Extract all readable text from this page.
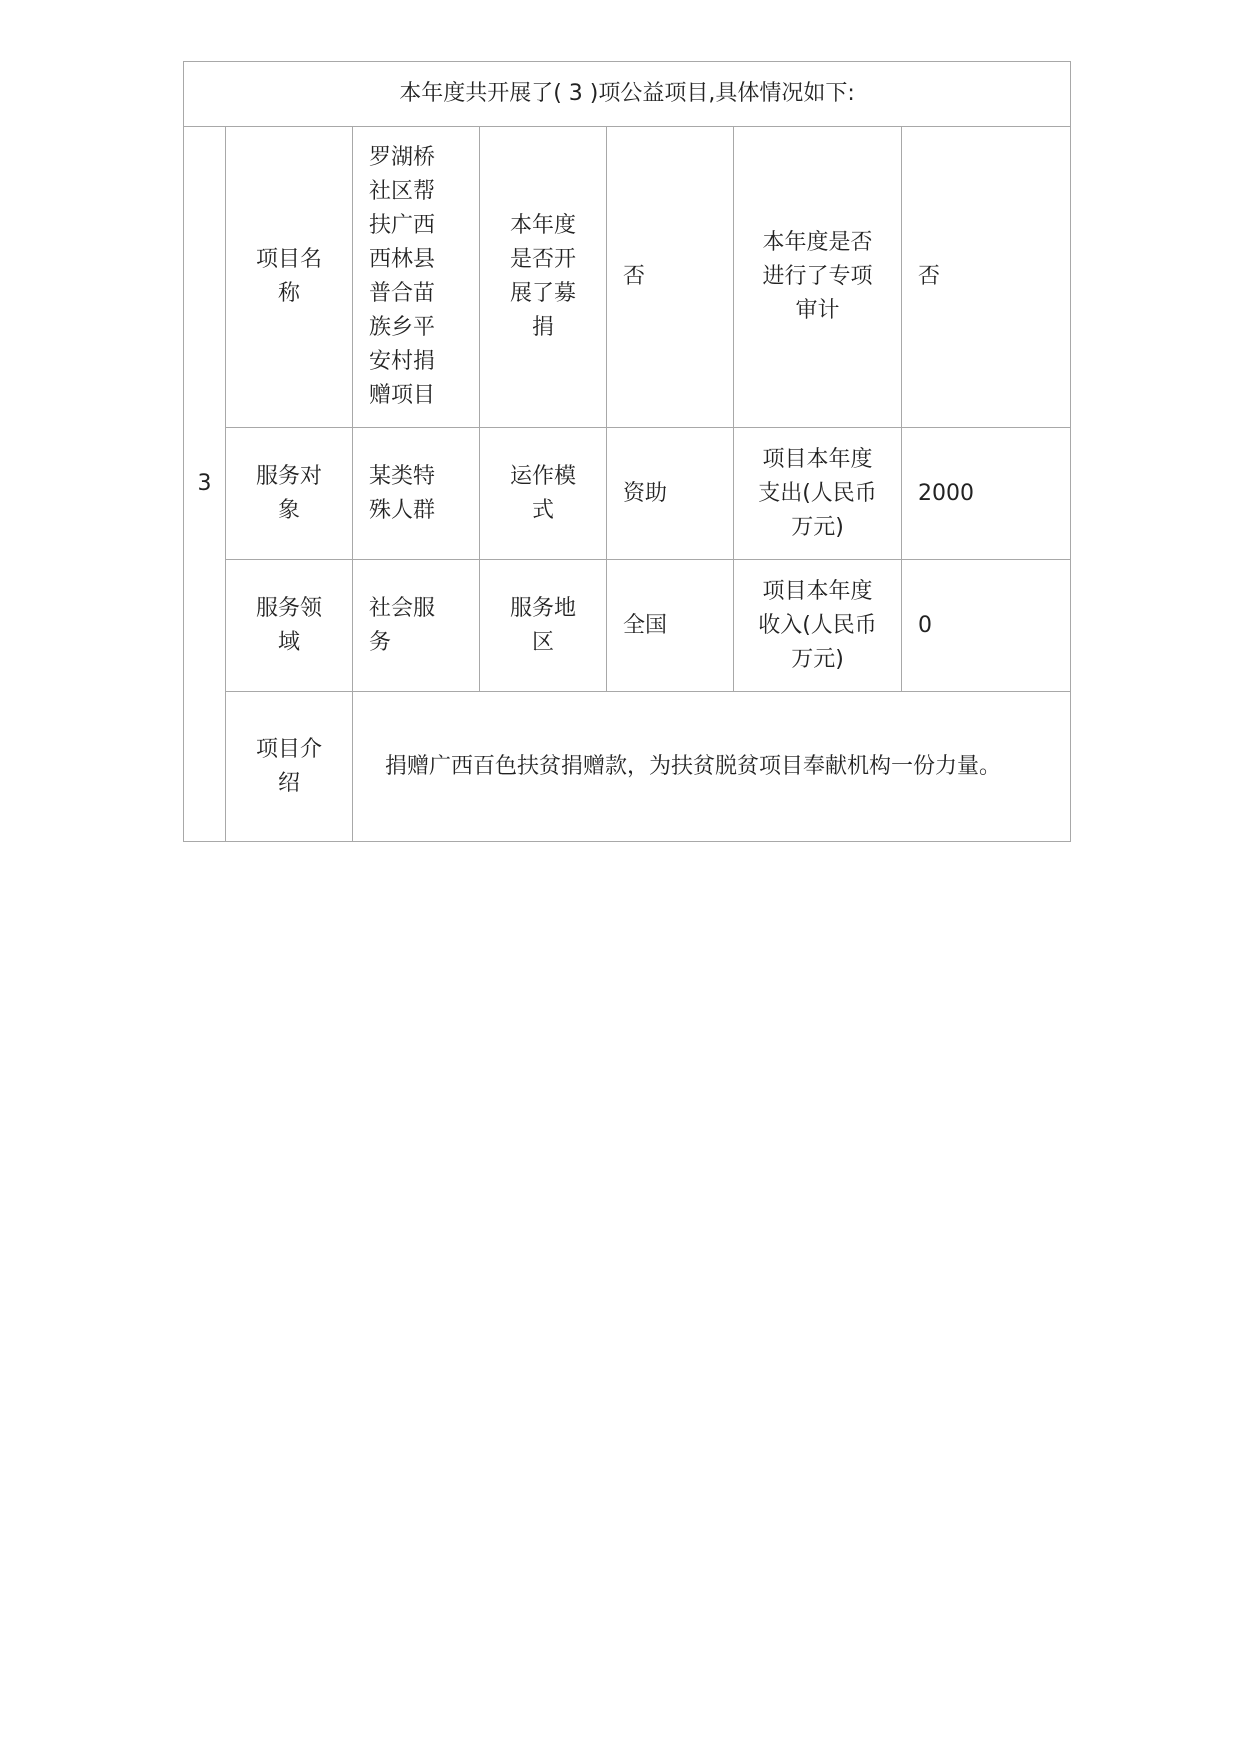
本年度共开展了( 3 )项公益项目,具体情况如下:						
3	项目名称	罗湖桥社区帮扶广西西林县普合苗族乡平安村捐赠项目	本年度是否开展了募捐	否	本年度是否进行了专项审计	否
	服务对象	某类特殊人群	运作模式	资助	项目本年度支出(人民币万元)	2000
	服务领域	社会服务	服务地区	全国	项目本年度收入(人民币万元)	0
	项目介绍	捐赠广西百色扶贫捐赠款，为扶贫脱贫项目奉献机构一份力量。				
